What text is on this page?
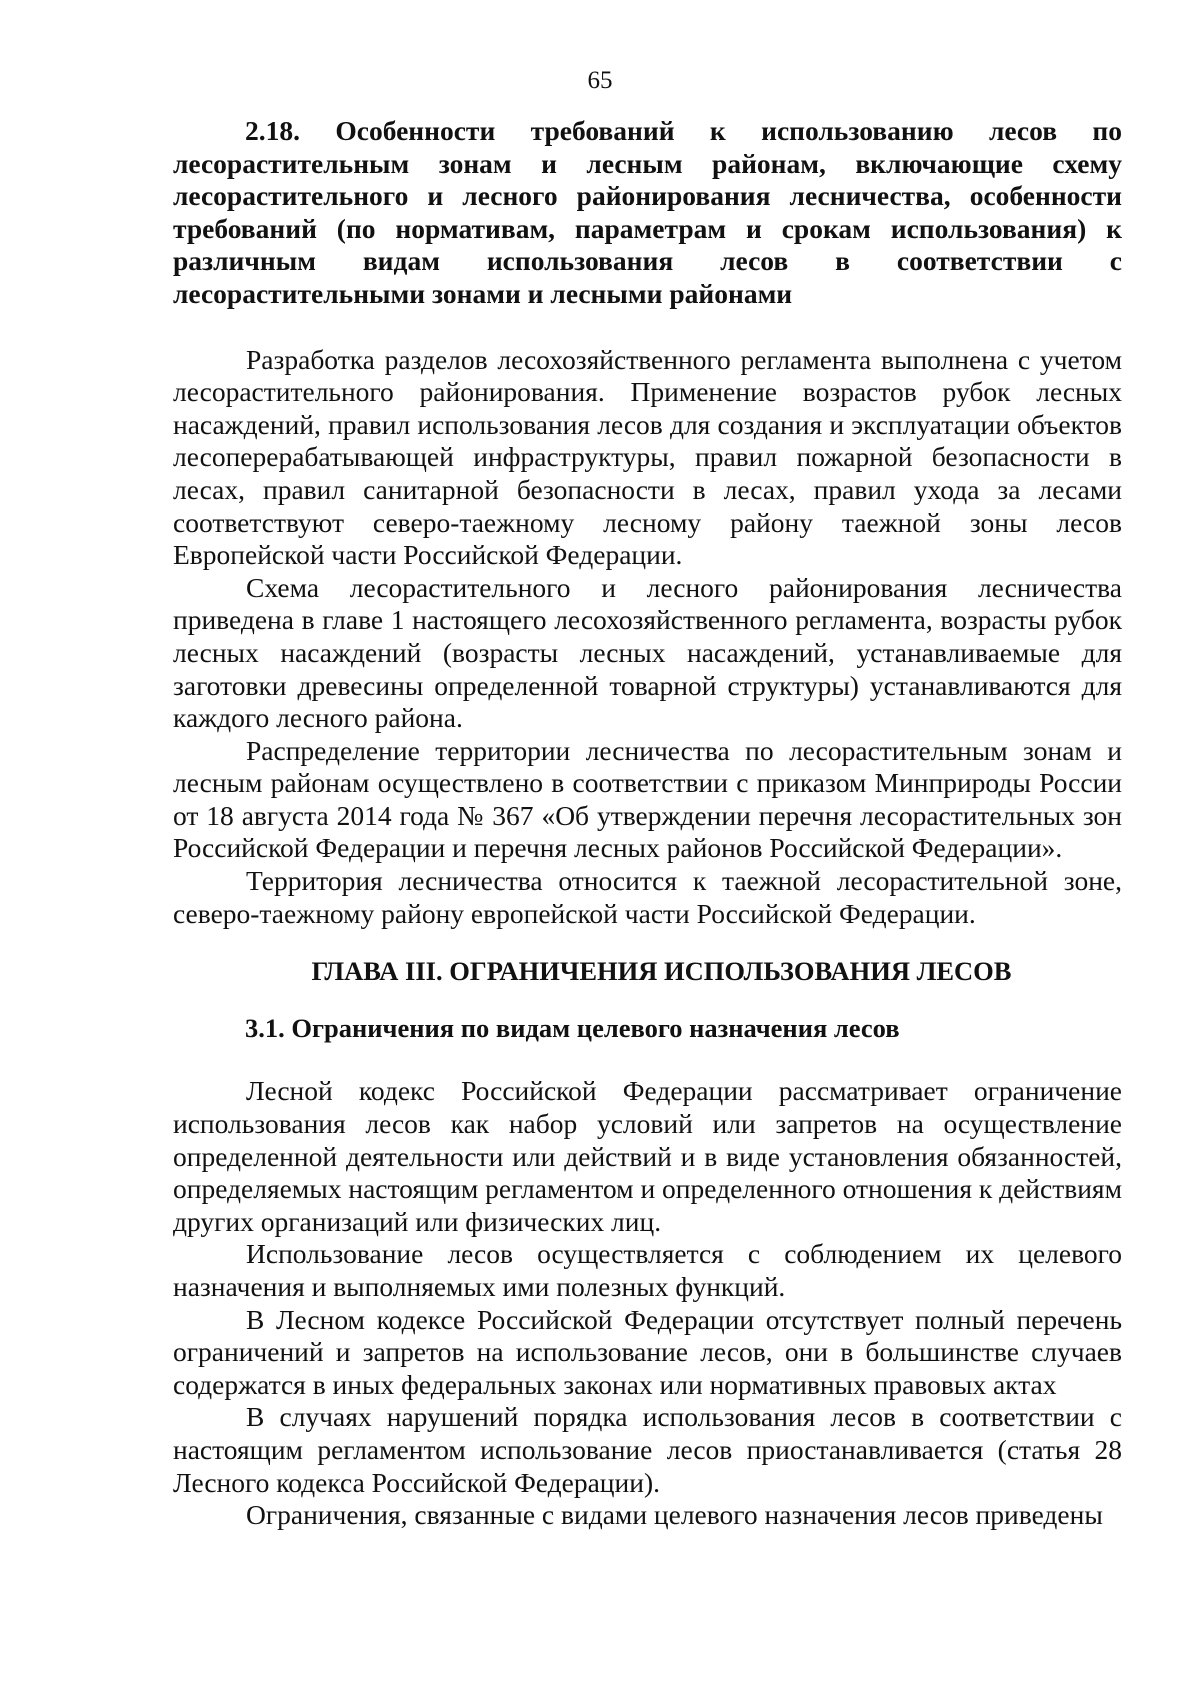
65

2.18. Особенности требований к использованию лесов по лесорастительным зонам и лесным районам, включающие схему лесорастительного и лесного районирования лесничества, особенности требований (по нормативам, параметрам и срокам использования) к различным видам использования лесов в соответствии с лесорастительными зонами и лесными районами

Разработка разделов лесохозяйственного регламента выполнена с учетом лесорастительного районирования. Применение возрастов рубок лесных насаждений, правил использования лесов для создания и эксплуатации объектов лесоперерабатывающей инфраструктуры, правил пожарной безопасности в лесах, правил санитарной безопасности в лесах, правил ухода за лесами соответствуют северо-таежному лесному району таежной зоны лесов Европейской части Российской Федерации.

Схема лесорастительного и лесного районирования лесничества приведена в главе 1 настоящего лесохозяйственного регламента, возрасты рубок лесных насаждений (возрасты лесных насаждений, устанавливаемые для заготовки древесины определенной товарной структуры) устанавливаются для каждого лесного района.

Распределение территории лесничества по лесорастительным зонам и лесным районам осуществлено в соответствии с приказом Минприроды России от 18 августа 2014 года № 367 «Об утверждении перечня лесорастительных зон Российской Федерации и перечня лесных районов Российской Федерации».

Территория лесничества относится к таежной лесорастительной зоне, северо-таежному району европейской части Российской Федерации.

ГЛАВА III. ОГРАНИЧЕНИЯ ИСПОЛЬЗОВАНИЯ ЛЕСОВ
3.1. Ограничения по видам целевого назначения лесов

Лесной кодекс Российской Федерации рассматривает ограничение использования лесов как набор условий или запретов на осуществление определенной деятельности или действий и в виде установления обязанностей, определяемых настоящим регламентом и определенного отношения к действиям других организаций или физических лиц.

Использование лесов осуществляется с соблюдением их целевого назначения и выполняемых ими полезных функций.

В Лесном кодексе Российской Федерации отсутствует полный перечень ограничений и запретов на использование лесов, они в большинстве случаев содержатся в иных федеральных законах или нормативных правовых актах

В случаях нарушений порядка использования лесов в соответствии с настоящим регламентом использование лесов приостанавливается (статья 28 Лесного кодекса Российской Федерации).

Ограничения, связанные с видами целевого назначения лесов приведены
